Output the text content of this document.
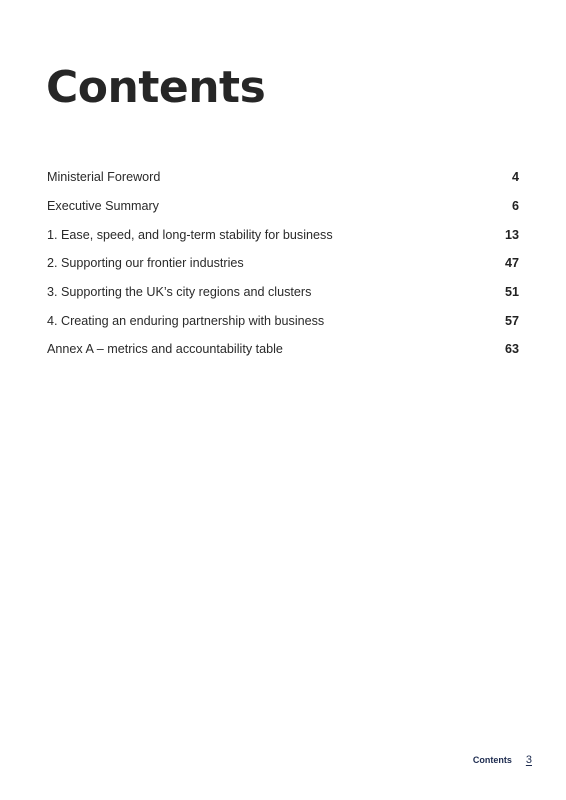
Contents
Ministerial Foreword	4
Executive Summary	6
1. Ease, speed, and long-term stability for business	13
2. Supporting our frontier industries	47
3. Supporting the UK’s city regions and clusters	51
4. Creating an enduring partnership with business	57
Annex A – metrics and accountability table	63
Contents 3
